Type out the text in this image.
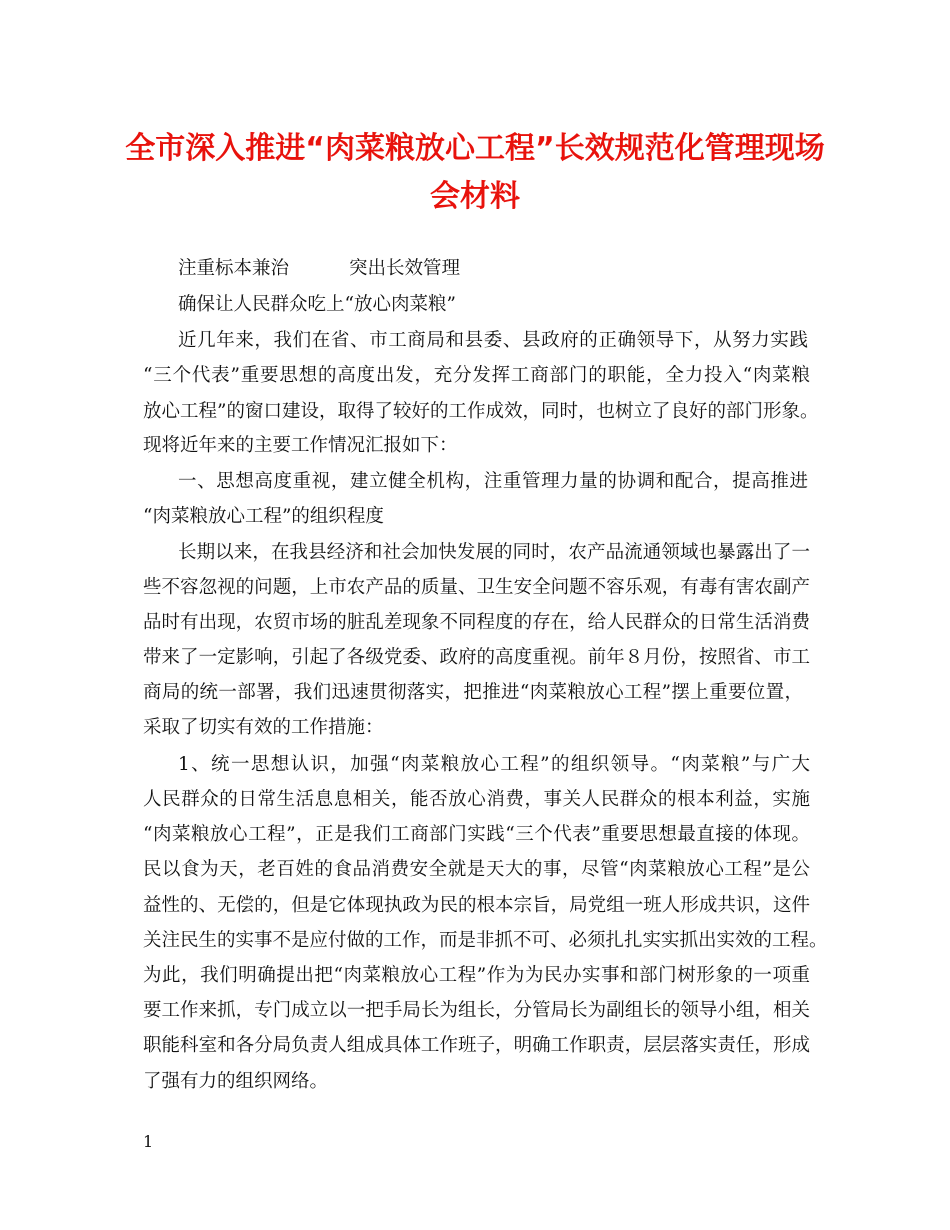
全市深入推进“肉菜粮放心工程”长效规范化管理现场
会材料
注重标本兼治	突出长效管理
确保让人民群众吃上“放心肉菜粮”
近几年来，我们在省、市工商局和县委、县政府的正确领导下，从努力实践
“三个代表”重要思想的高度出发，充分发挥工商部门的职能，全力投入“肉菜粮
放心工程”的窗口建设，取得了较好的工作成效，同时，也树立了良好的部门形象。
现将近年来的主要工作情况汇报如下：
一、思想高度重视，建立健全机构，注重管理力量的协调和配合，提高推进
“肉菜粮放心工程”的组织程度
长期以来，在我县经济和社会加快发展的同时，农产品流通领域也暴露出了一
些不容忽视的问题，上市农产品的质量、卫生安全问题不容乐观，有毒有害农副产
品时有出现，农贸市场的脏乱差现象不同程度的存在，给人民群众的日常生活消费
带来了一定影响，引起了各级党委、政府的高度重视。前年８月份，按照省、市工
商局的统一部署，我们迅速贯彻落实，把推进“肉菜粮放心工程”摆上重要位置，
采取了切实有效的工作措施：
1、统一思想认识，加强“肉菜粮放心工程”的组织领导。“肉菜粮”与广大
人民群众的日常生活息息相关，能否放心消费，事关人民群众的根本利益，实施
“肉菜粮放心工程”，正是我们工商部门实践“三个代表”重要思想最直接的体现。
民以食为天，老百姓的食品消费安全就是天大的事，尽管“肉菜粮放心工程”是公
益性的、无偿的，但是它体现执政为民的根本宗旨，局党组一班人形成共识，这件
关注民生的实事不是应付做的工作，而是非抓不可、必须扎扎实实抓出实效的工程。
为此，我们明确提出把“肉菜粮放心工程”作为为民办实事和部门树形象的一项重
要工作来抓，专门成立以一把手局长为组长，分管局长为副组长的领导小组，相关
职能科室和各分局负责人组成具体工作班子，明确工作职责，层层落实责任，形成
了强有力的组织网络。
1
